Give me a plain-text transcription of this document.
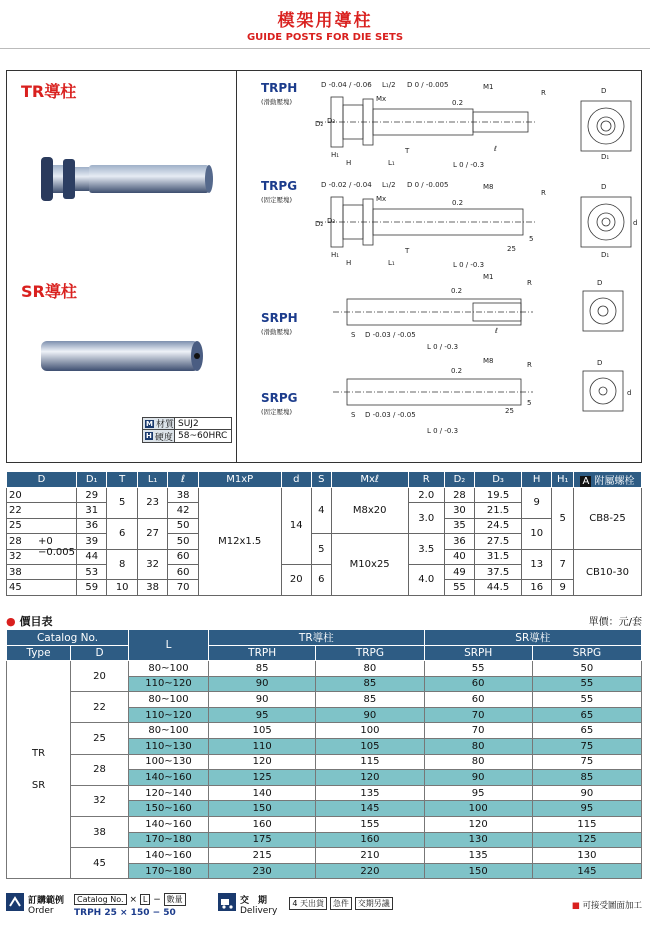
模架用導柱
GUIDE POSTS FOR DIE SETS
TR導柱
SR導柱
M 材質 SUJ2
H 硬度 58~60HRC
TRPH
(滑動壓塊)
TRPG
(固定壓塊)
SRPH
(滑動壓塊)
SRPG
(固定壓塊)
D -0.04 / -0.06 L₁/2 D 0 / -0.005	M1
R
0.2
Mx
D₂ D₃
H
H₁
L₁
T	ℓ
L 0 / -0.3
D
D₁
D -0.02 / -0.04 L₁/2 D 0 / -0.005	M8
R
0.2
Mx
D₂ D₃
H
H₁
L₁
T	25
5
L 0 / -0.3
D
D₁
d
0.2
M1
R
S D -0.03 / -0.05	ℓ
L 0 / -0.3
D
0.2
M8	R
S D -0.03 / -0.05	25
5
L 0 / -0.3
D
d
D	D₁	T	L₁	ℓ	M1xP	d	S	Mxℓ	R	D₂	D₃	H	H₁	A 附屬螺栓
20	29	5	23	38	M12x1.5	14	4	M8x20	2.0	28	19.5	9	5	CB8-25
22	31			42					3.0	30	21.5			
25	36	6	27	50						35	24.5	10		
28	39			50			5	M10x25	3.5	36	27.5			
32	44	8	32	60						40	31.5	13	7	CB10-30
38	53			60		20	6		4.0	49	37.5			
45	59	10	38	70						55	44.5	16	9	
+0
−0.005
● 價目表	單價：元/套
Catalog No.		L	TR導柱		SR導柱	
Type	D		TRPH	TRPG	SRPH	SRPG

TR
SR	20	80~100	85	80	55	50
		110~120	90	85	60	55
	22	80~100	90	85	60	55
		110~120	95	90	70	65
	25	80~100	105	100	70	65
		110~130	110	105	80	75
	28	100~130	120	115	80	75
		140~160	125	120	90	85
	32	120~140	140	135	95	90
		150~160	150	145	100	95
	38	140~160	160	155	120	115
		170~180	175	160	130	125
	45	140~160	215	210	135	130
		170~180	230	220	150	145
訂購範例
Order
Catalog No. × L − 數量
TRPH 25 × 150 − 50
交　期
Delivery
4 天出貨 急件 交期另議	■ 可接受圖面加工
